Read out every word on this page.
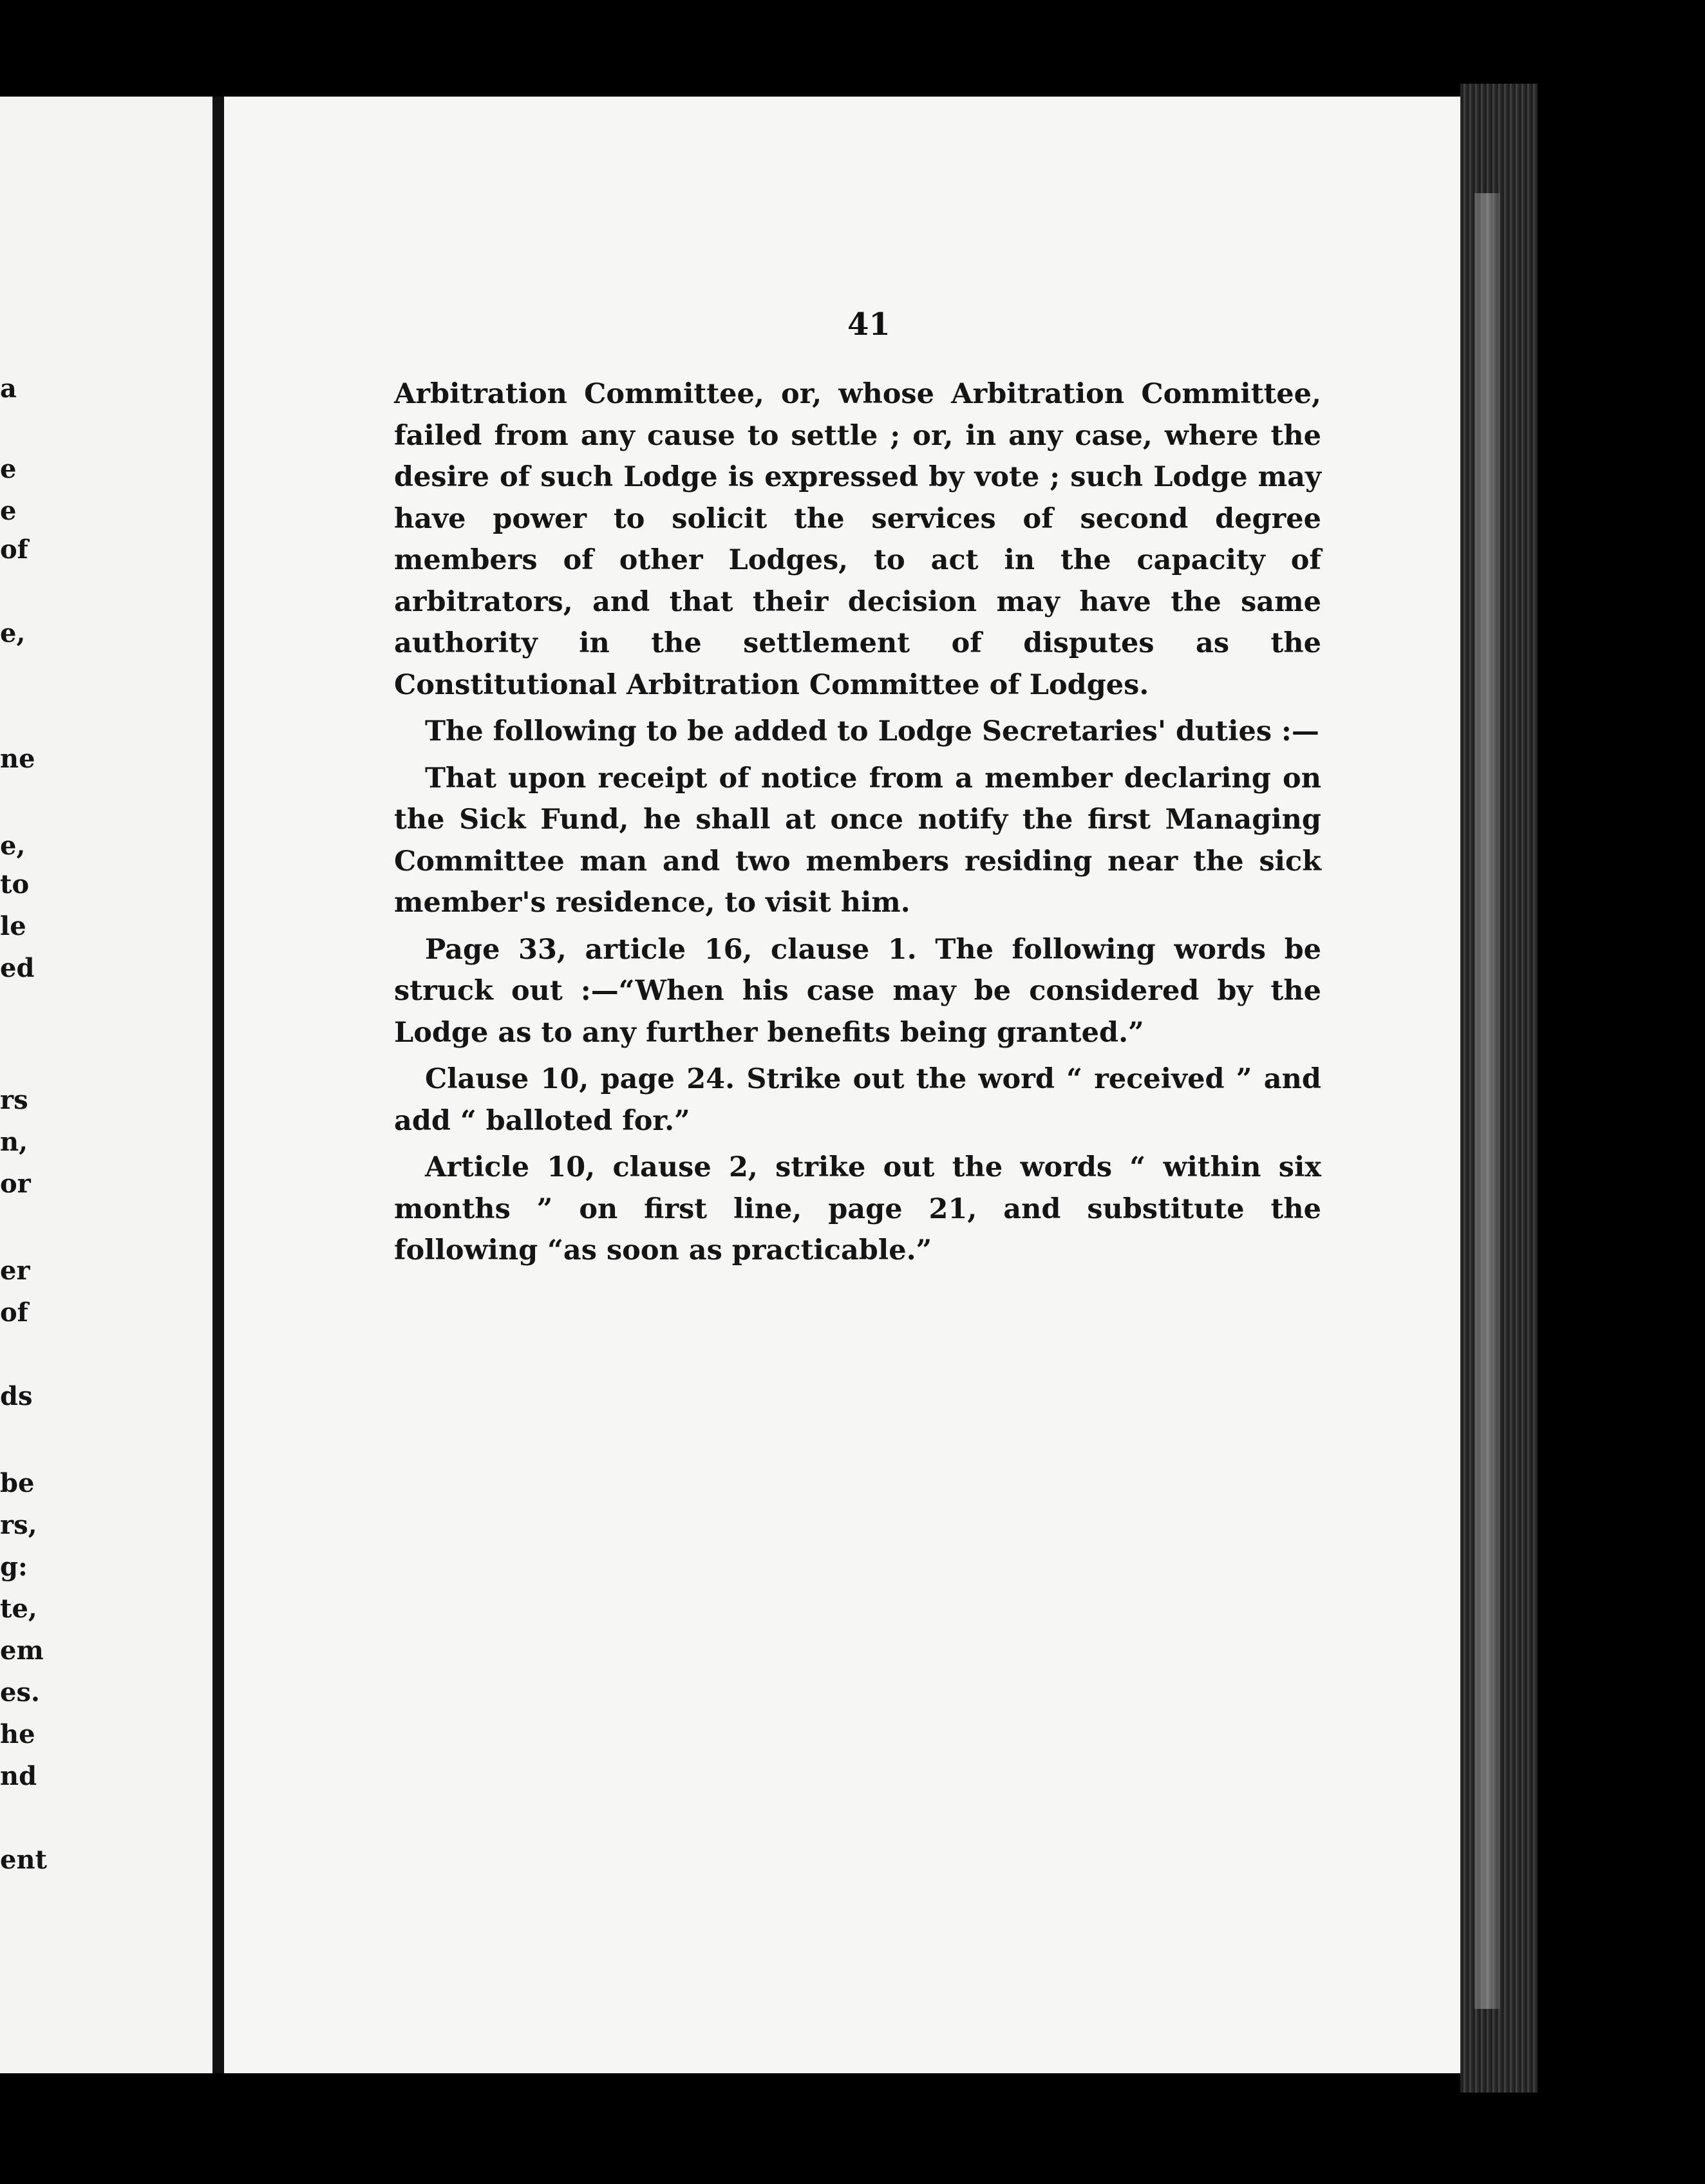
a
e
e
of
e,
ne
e,
to
le
ed
rs
n,
or
er
of
ds
be
rs,
g:
te,
em
es.
he
nd
ent
41

Arbitration Committee, or, whose Arbitration Committee, failed from any cause to settle ; or, in any case, where the desire of such Lodge is expressed by vote ; such Lodge may have power to solicit the services of second degree members of other Lodges, to act in the capacity of arbitrators, and that their decision may have the same authority in the settlement of disputes as the Constitutional Arbitration Committee of Lodges.

The following to be added to Lodge Secretaries' duties :—

That upon receipt of notice from a member declaring on the Sick Fund, he shall at once notify the first Managing Committee man and two members residing near the sick member's residence, to visit him.

Page 33, article 16, clause 1. The following words be struck out :—“When his case may be considered by the Lodge as to any further benefits being granted.”

Clause 10, page 24. Strike out the word “ received ” and add “ balloted for.”

Article 10, clause 2, strike out the words “ within six months ” on first line, page 21, and substitute the following “as soon as practicable.”
